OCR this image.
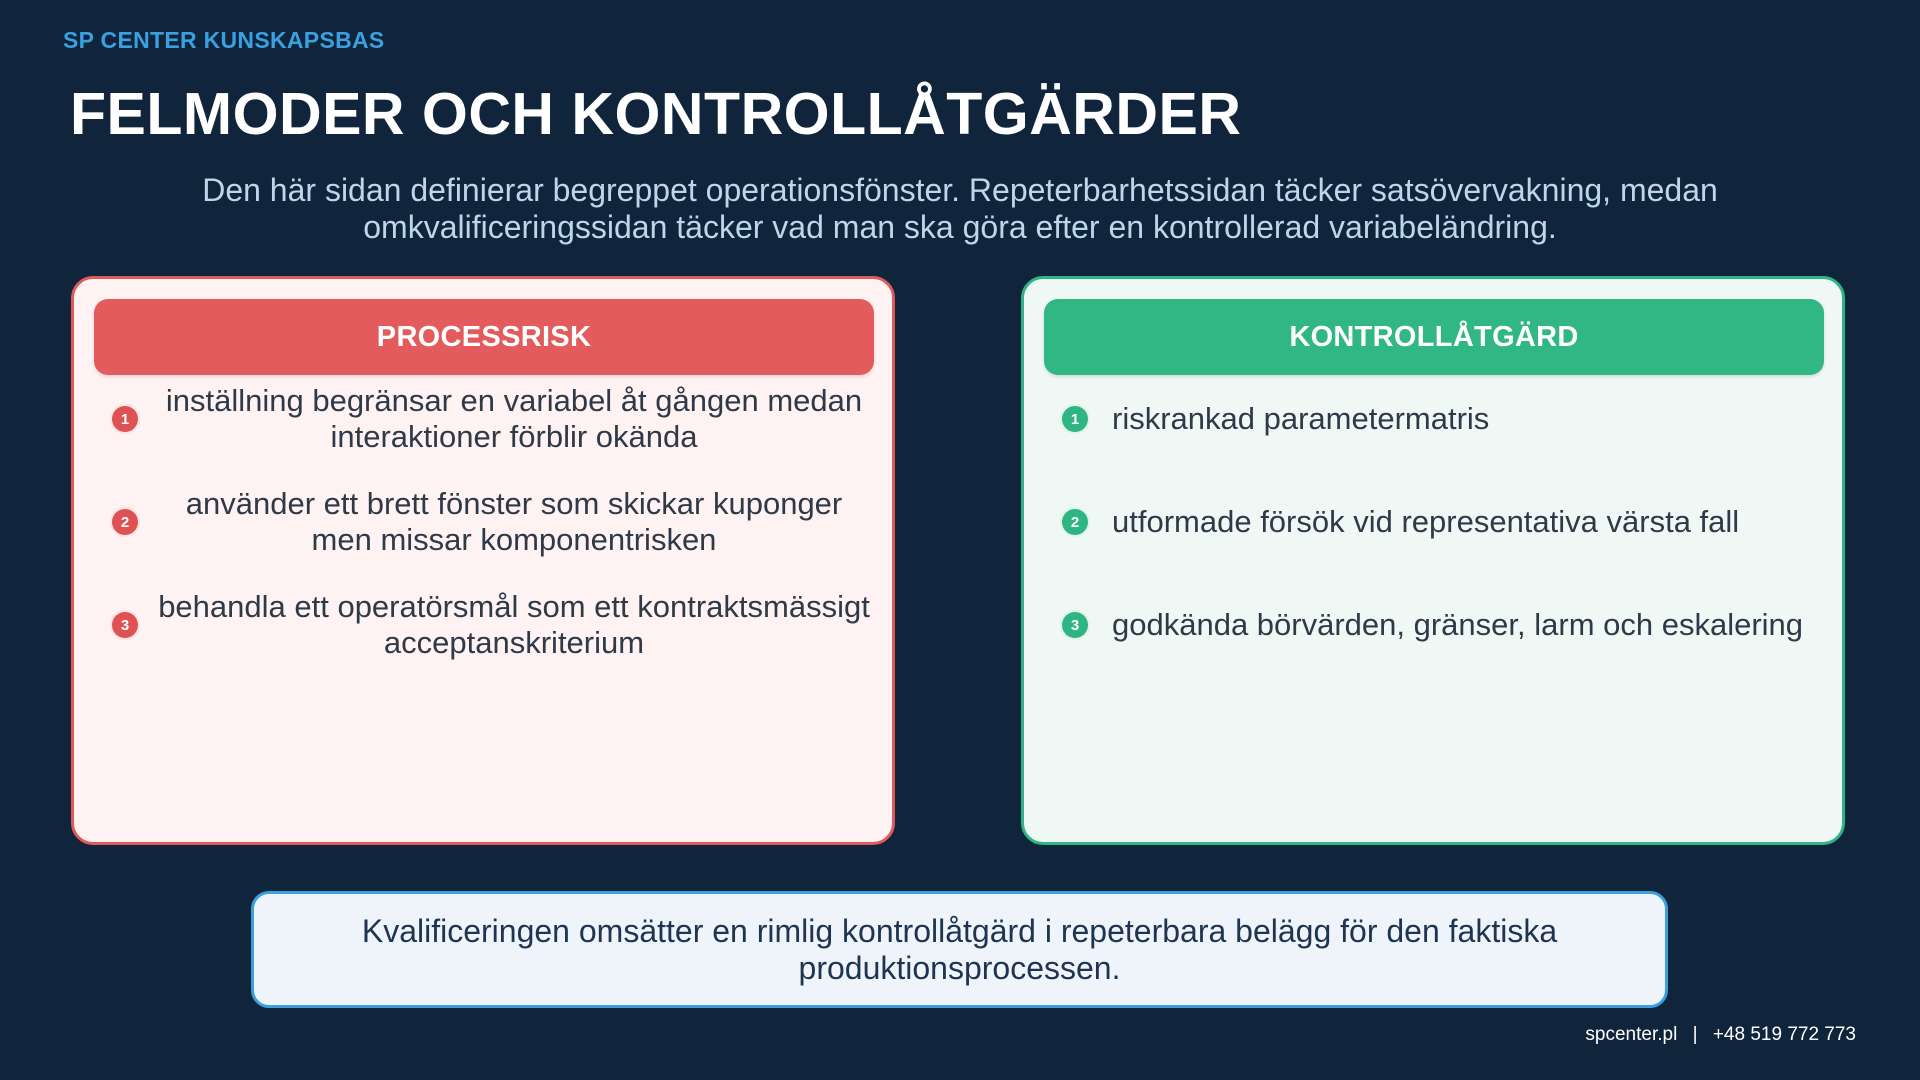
SP CENTER KUNSKAPSBAS
FELMODER OCH KONTROLLÅTGÄRDER
Den här sidan definierar begreppet operationsfönster. Repeterbarhetssidan täcker satsövervakning, medan omkvalificeringssidan täcker vad man ska göra efter en kontrollerad variabeländring.
PROCESSRISK
1
inställning begränsar en variabel åt gången medan interaktioner förblir okända
2
använder ett brett fönster som skickar kuponger men missar komponentrisken
3
behandla ett operatörsmål som ett kontraktsmässigt acceptanskriterium
KONTROLLÅTGÄRD
1	riskrankad parametermatris
2	utformade försök vid representativa värsta fall
3	godkända börvärden, gränser, larm och eskalering
Kvalificeringen omsätter en rimlig kontrollåtgärd i repeterbara belägg för den faktiska produktionsprocessen.
spcenter.pl | +48 519 772 773
